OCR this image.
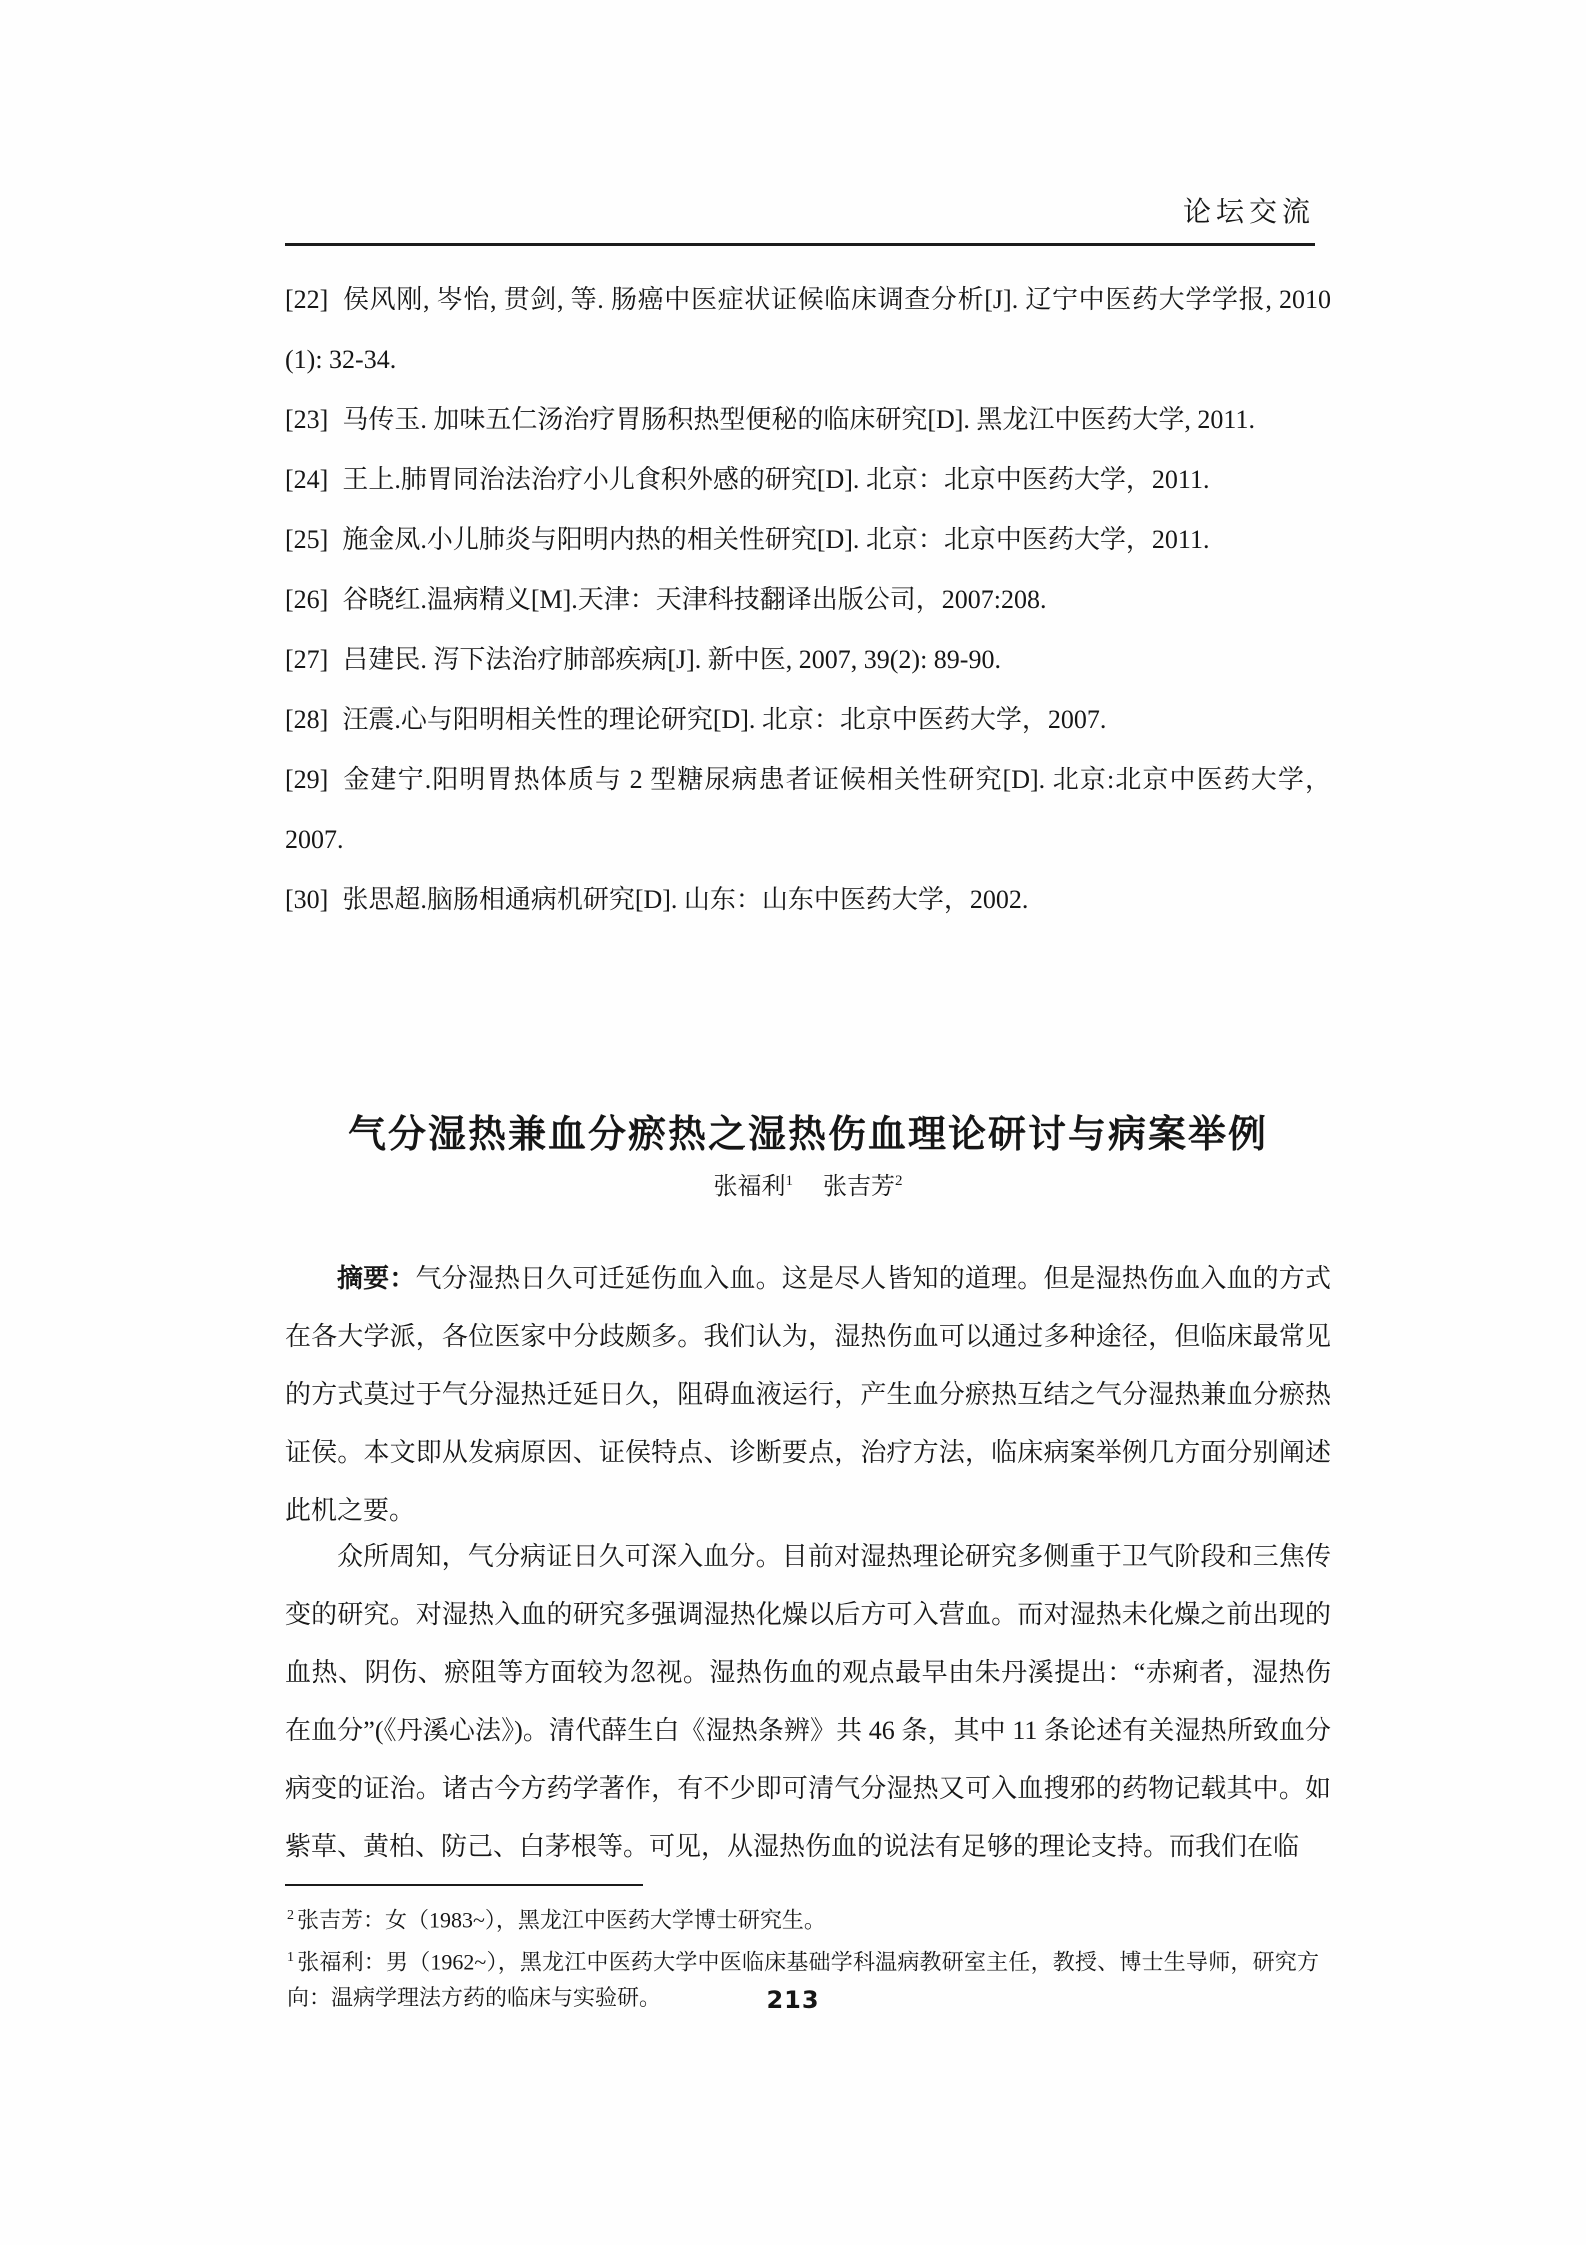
论坛交流

[22] 侯风刚, 岑怡, 贯剑, 等. 肠癌中医症状证候临床调查分析[J]. 辽宁中医药大学学报, 2010 (1): 32-34.

[23] 马传玉. 加味五仁汤治疗胃肠积热型便秘的临床研究[D]. 黑龙江中医药大学, 2011.

[24] 王上.肺胃同治法治疗小儿食积外感的研究[D]. 北京：北京中医药大学，2011.

[25] 施金凤.小儿肺炎与阳明内热的相关性研究[D]. 北京：北京中医药大学，2011.

[26] 谷晓红.温病精义[M].天津：天津科技翻译出版公司，2007:208.

[27] 吕建民. 泻下法治疗肺部疾病[J]. 新中医, 2007, 39(2): 89-90.

[28] 汪震.心与阳明相关性的理论研究[D]. 北京：北京中医药大学，2007.

[29] 金建宁.阳明胃热体质与 2 型糖尿病患者证候相关性研究[D]. 北京:北京中医药大学，2007.

[30] 张思超.脑肠相通病机研究[D]. 山东：山东中医药大学，2002.

气分湿热兼血分瘀热之湿热伤血理论研讨与病案举例
张福利$^1$ 张吉芳$^2$

摘要：气分湿热日久可迁延伤血入血。这是尽人皆知的道理。但是湿热伤血入血的方式在各大学派，各位医家中分歧颇多。我们认为，湿热伤血可以通过多种途径，但临床最常见的方式莫过于气分湿热迁延日久，阻碍血液运行，产生血分瘀热互结之气分湿热兼血分瘀热证侯。本文即从发病原因、证侯特点、诊断要点，治疗方法，临床病案举例几方面分别阐述此机之要。

众所周知，气分病证日久可深入血分。目前对湿热理论研究多侧重于卫气阶段和三焦传变的研究。对湿热入血的研究多强调湿热化燥以后方可入营血。而对湿热未化燥之前出现的血热、阴伤、瘀阻等方面较为忽视。湿热伤血的观点最早由朱丹溪提出：“赤痢者，湿热伤在血分”(《丹溪心法》)。清代薛生白《湿热条辨》共 46 条，其中 11 条论述有关湿热所致血分病变的证治。诸古今方药学著作，有不少即可清气分湿热又可入血搜邪的药物记载其中。如紫草、黄柏、防己、白茅根等。可见，从湿热伤血的说法有足够的理论支持。而我们在临

$^2$ 张吉芳：女（1983~），黑龙江中医药大学博士研究生。

$^1$ 张福利：男（1962~），黑龙江中医药大学中医临床基础学科温病教研室主任，教授、博士生导师，研究方向：温病学理法方药的临床与实验研。	213
